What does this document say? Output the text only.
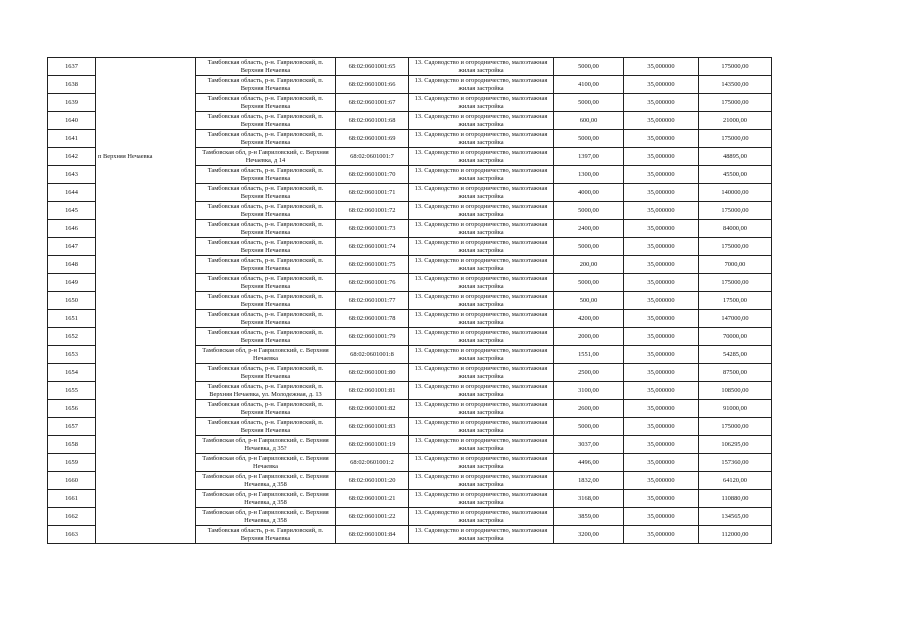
1637		Тамбовская область, р-н. Гавриловский, п. Верхняя Нечаевка	68:02:0601001:65	13. Садоводство и огородничество, малоэтажная жилая застройка	5000,00	35,000000	175000,00
1638		Тамбовская область, р-н. Гавриловский, п. Верхняя Нечаевка	68:02:0601001:66	13. Садоводство и огородничество, малоэтажная жилая застройка	4100,00	35,000000	143500,00
1639		Тамбовская область, р-н. Гавриловский, п. Верхняя Нечаевка	68:02:0601001:67	13. Садоводство и огородничество, малоэтажная жилая застройка	5000,00	35,000000	175000,00
1640		Тамбовская область, р-н. Гавриловский, п. Верхняя Нечаевка	68:02:0601001:68	13. Садоводство и огородничество, малоэтажная жилая застройка	600,00	35,000000	21000,00
1641		Тамбовская область, р-н. Гавриловский, п. Верхняя Нечаевка	68:02:0601001:69	13. Садоводство и огородничество, малоэтажная жилая застройка	5000,00	35,000000	175000,00
1642	п Верхняя Нечаевка	Тамбовская обл, р-н Гавриловский, с. Верхняя Нечаевка, д 14	68:02:0601001:7	13. Садоводство и огородничество, малоэтажная жилая застройка	1397,00	35,000000	48895,00
1643		Тамбовская область, р-н. Гавриловский, п. Верхняя Нечаевка	68:02:0601001:70	13. Садоводство и огородничество, малоэтажная жилая застройка	1300,00	35,000000	45500,00
1644		Тамбовская область, р-н. Гавриловский, п. Верхняя Нечаевка	68:02:0601001:71	13. Садоводство и огородничество, малоэтажная жилая застройка	4000,00	35,000000	140000,00
1645		Тамбовская область, р-н. Гавриловский, п. Верхняя Нечаевка	68:02:0601001:72	13. Садоводство и огородничество, малоэтажная жилая застройка	5000,00	35,000000	175000,00
1646		Тамбовская область, р-н. Гавриловский, п. Верхняя Нечаевка	68:02:0601001:73	13. Садоводство и огородничество, малоэтажная жилая застройка	2400,00	35,000000	84000,00
1647		Тамбовская область, р-н. Гавриловский, п. Верхняя Нечаевка	68:02:0601001:74	13. Садоводство и огородничество, малоэтажная жилая застройка	5000,00	35,000000	175000,00
1648		Тамбовская область, р-н. Гавриловский, п. Верхняя Нечаевка	68:02:0601001:75	13. Садоводство и огородничество, малоэтажная жилая застройка	200,00	35,000000	7000,00
1649		Тамбовская область, р-н. Гавриловский, п. Верхняя Нечаевка	68:02:0601001:76	13. Садоводство и огородничество, малоэтажная жилая застройка	5000,00	35,000000	175000,00
1650		Тамбовская область, р-н. Гавриловский, п. Верхняя Нечаевка	68:02:0601001:77	13. Садоводство и огородничество, малоэтажная жилая застройка	500,00	35,000000	17500,00
1651		Тамбовская область, р-н. Гавриловский, п. Верхняя Нечаевка	68:02:0601001:78	13. Садоводство и огородничество, малоэтажная жилая застройка	4200,00	35,000000	147000,00
1652		Тамбовская область, р-н. Гавриловский, п. Верхняя Нечаевка	68:02:0601001:79	13. Садоводство и огородничество, малоэтажная жилая застройка	2000,00	35,000000	70000,00
1653		Тамбовская обл, р-н Гавриловский, с. Верхняя Нечаевка	68:02:0601001:8	13. Садоводство и огородничество, малоэтажная жилая застройка	1551,00	35,000000	54285,00
1654		Тамбовская область, р-н. Гавриловский, п. Верхняя Нечаевка	68:02:0601001:80	13. Садоводство и огородничество, малоэтажная жилая застройка	2500,00	35,000000	87500,00
1655		Тамбовская область, р-н. Гавриловский, п. Верхняя Нечаевка, ул. Молодежная, д. 13	68:02:0601001:81	13. Садоводство и огородничество, малоэтажная жилая застройка	3100,00	35,000000	108500,00
1656		Тамбовская область, р-н. Гавриловский, п. Верхняя Нечаевка	68:02:0601001:82	13. Садоводство и огородничество, малоэтажная жилая застройка	2600,00	35,000000	91000,00
1657		Тамбовская область, р-н. Гавриловский, п. Верхняя Нечаевка	68:02:0601001:83	13. Садоводство и огородничество, малоэтажная жилая застройка	5000,00	35,000000	175000,00
1658		Тамбовская обл, р-н Гавриловский, с. Верхняя Нечаевка, д 35?	68:02:0601001:19	13. Садоводство и огородничество, малоэтажная жилая застройка	3037,00	35,000000	106295,00
1659		Тамбовская обл, р-н Гавриловский, с. Верхняя Нечаевка	68:02:0601001:2	13. Садоводство и огородничество, малоэтажная жилая застройка	4496,00	35,000000	157360,00
1660		Тамбовская обл, р-н Гавриловский, с. Верхняя Нечаевка, д 358	68:02:0601001:20	13. Садоводство и огородничество, малоэтажная жилая застройка	1832,00	35,000000	64120,00
1661		Тамбовская обл, р-н Гавриловский, с. Верхняя Нечаевка, д 358	68:02:0601001:21	13. Садоводство и огородничество, малоэтажная жилая застройка	3168,00	35,000000	110880,00
1662		Тамбовская обл, р-н Гавриловский, с. Верхняя Нечаевка, д 358	68:02:0601001:22	13. Садоводство и огородничество, малоэтажная жилая застройка	3859,00	35,000000	134565,00
1663		Тамбовская область, р-н. Гавриловский, п. Верхняя Нечаевка	68:02:0601001:84	13. Садоводство и огородничество, малоэтажная жилая застройка	3200,00	35,000000	112000,00
